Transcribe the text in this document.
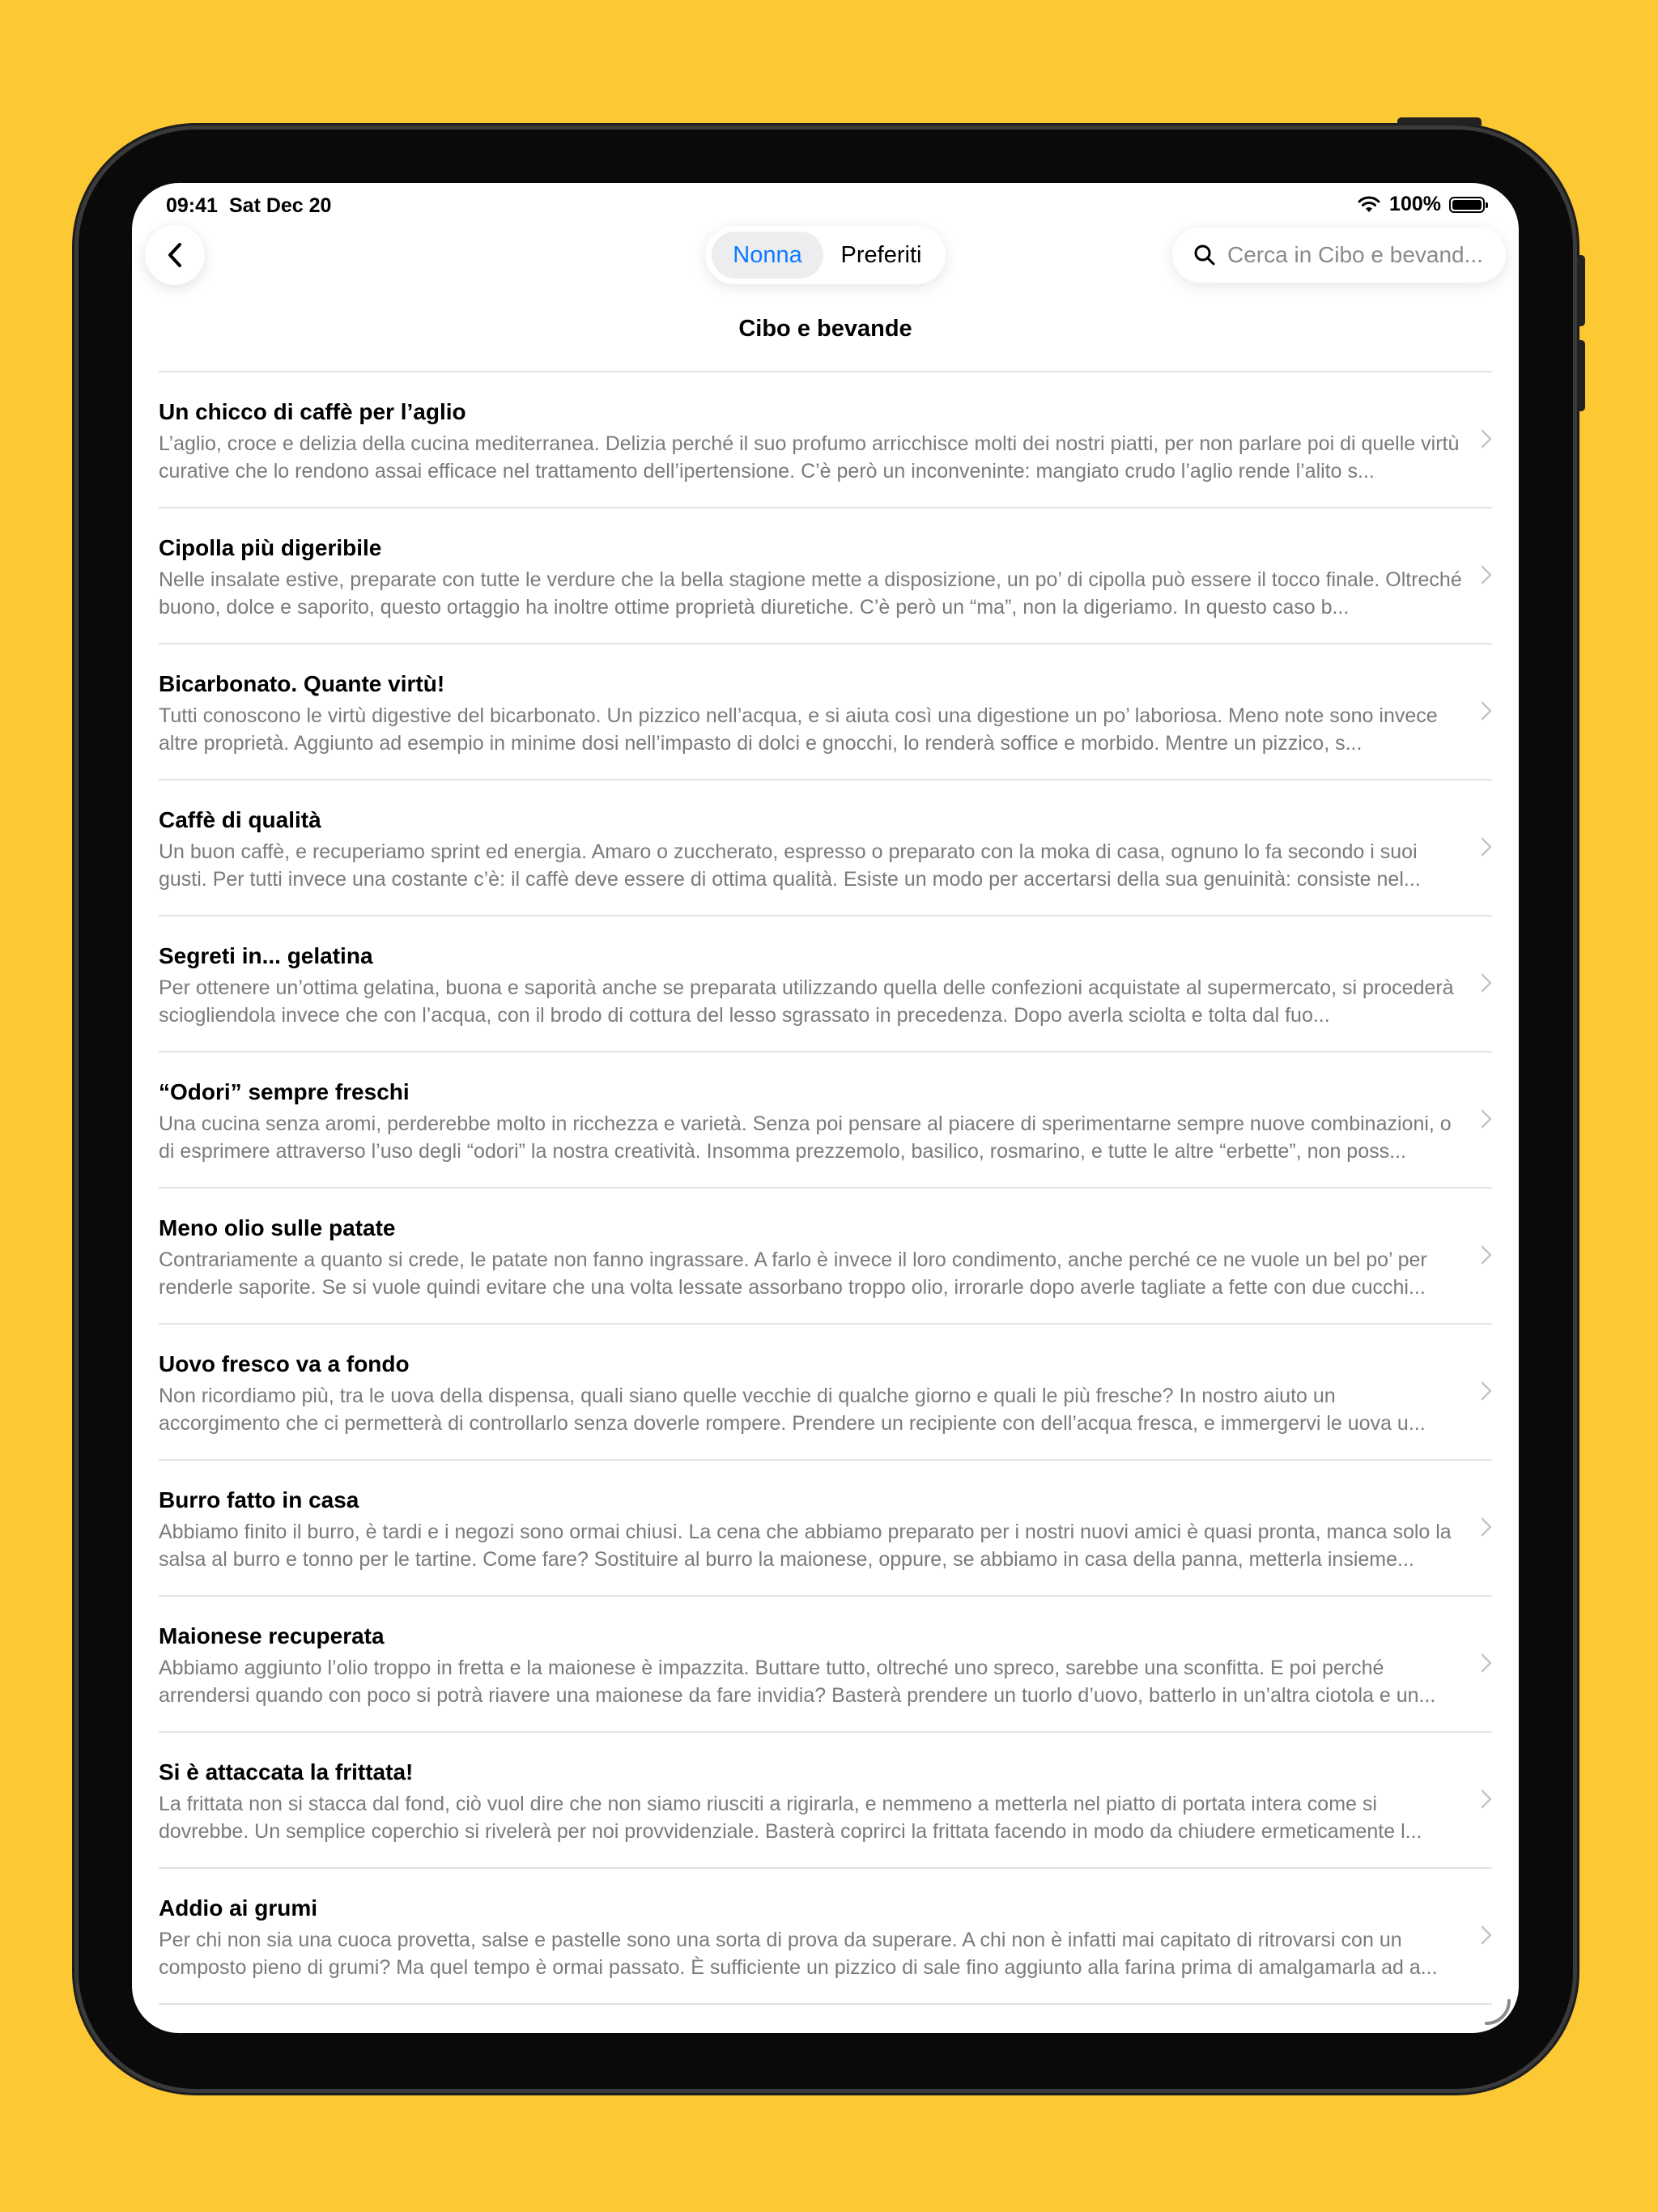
09:41 Sat Dec 20	100%
Nonna	Preferiti
Cerca in Cibo e bevand...
Cibo e bevande
Un chicco di caffè per l’aglio
L’aglio, croce e delizia della cucina mediterranea. Delizia perché il suo profumo arricchisce molti dei nostri piatti, per non parlare poi di quelle virtù curative che lo rendono assai efficace nel trattamento dell’ipertensione. C’è però un inconveninte: mangiato crudo l’aglio rende l’alito s...
Cipolla più digeribile
Nelle insalate estive, preparate con tutte le verdure che la bella stagione mette a disposizione, un po’ di cipolla può essere il tocco finale. Oltreché buono, dolce e saporito, questo ortaggio ha inoltre ottime proprietà diuretiche. C’è però un “ma”, non la digeriamo. In questo caso b...
Bicarbonato. Quante virtù!
Tutti conoscono le virtù digestive del bicarbonato. Un pizzico nell’acqua, e si aiuta così una digestione un po’ laboriosa. Meno note sono invece altre proprietà. Aggiunto ad esempio in minime dosi nell’impasto di dolci e gnocchi, lo renderà soffice e morbido. Mentre un pizzico, s...
Caffè di qualità
Un buon caffè, e recuperiamo sprint ed energia. Amaro o zuccherato, espresso o preparato con la moka di casa, ognuno lo fa secondo i suoi gusti. Per tutti invece una costante c’è: il caffè deve essere di ottima qualità. Esiste un modo per accertarsi della sua genuinità: consiste nel...
Segreti in... gelatina
Per ottenere un’ottima gelatina, buona e saporità anche se preparata utilizzando quella delle confezioni acquistate al supermercato, si procederà sciogliendola invece che con l’acqua, con il brodo di cottura del lesso sgrassato in precedenza. Dopo averla sciolta e tolta dal fuo...
“Odori” sempre freschi
Una cucina senza aromi, perderebbe molto in ricchezza e varietà. Senza poi pensare al piacere di sperimentarne sempre nuove combinazioni, o di esprimere attraverso l’uso degli “odori” la nostra creatività. Insomma prezzemolo, basilico, rosmarino, e tutte le altre “erbette”, non poss...
Meno olio sulle patate
Contrariamente a quanto si crede, le patate non fanno ingrassare. A farlo è invece il loro condimento, anche perché ce ne vuole un bel po’ per renderle saporite. Se si vuole quindi evitare che una volta lessate assorbano troppo olio, irrorarle dopo averle tagliate a fette con due cucchi...
Uovo fresco va a fondo
Non ricordiamo più, tra le uova della dispensa, quali siano quelle vecchie di qualche giorno e quali le più fresche? In nostro aiuto un accorgimento che ci permetterà di controllarlo senza doverle rompere. Prendere un recipiente con dell’acqua fresca, e immergervi le uova u...
Burro fatto in casa
Abbiamo finito il burro, è tardi e i negozi sono ormai chiusi. La cena che abbiamo preparato per i nostri nuovi amici è quasi pronta, manca solo la salsa al burro e tonno per le tartine. Come fare? Sostituire al burro la maionese, oppure, se abbiamo in casa della panna, metterla insieme...
Maionese recuperata
Abbiamo aggiunto l’olio troppo in fretta e la maionese è impazzita. Buttare tutto, oltreché uno spreco, sarebbe una sconfitta. E poi perché arrendersi quando con poco si potrà riavere una maionese da fare invidia? Basterà prendere un tuorlo d’uovo, batterlo in un’altra ciotola e un...
Si è attaccata la frittata!
La frittata non si stacca dal fond, ciò vuol dire che non siamo riusciti a rigirarla, e nemmeno a metterla nel piatto di portata intera come si dovrebbe. Un semplice coperchio si rivelerà per noi provvidenziale. Basterà coprirci la frittata facendo in modo da chiudere ermeticamente l...
Addio ai grumi
Per chi non sia una cuoca provetta, salse e pastelle sono una sorta di prova da superare. A chi non è infatti mai capitato di ritrovarsi con un composto pieno di grumi? Ma quel tempo è ormai passato. È sufficiente un pizzico di sale fino aggiunto alla farina prima di amalgamarla ad a...
